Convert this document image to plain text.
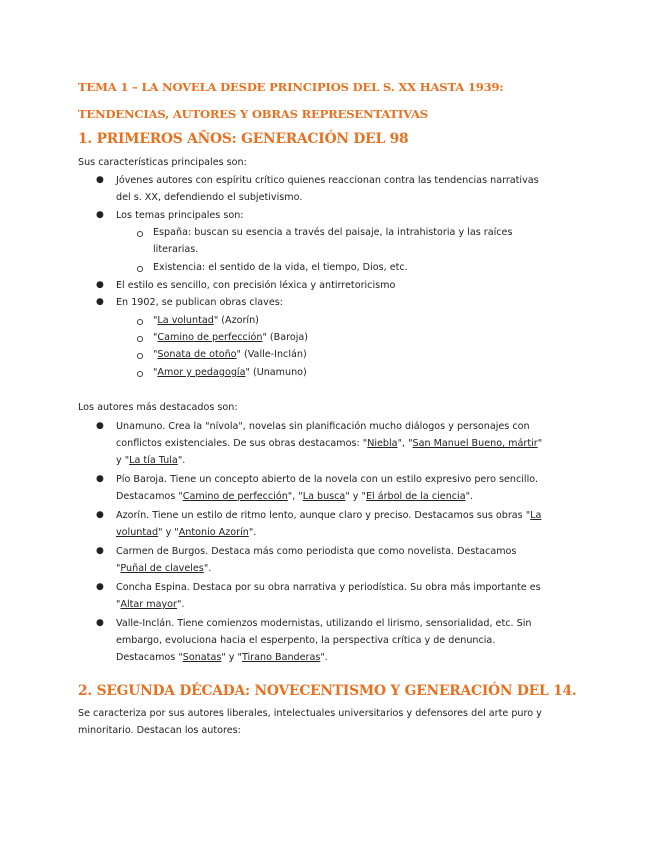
TEMA 1 – LA NOVELA DESDE PRINCIPIOS DEL S. XX HASTA 1939:
TENDENCIAS, AUTORES Y OBRAS REPRESENTATIVAS
1. PRIMEROS AÑOS: GENERACIÓN DEL 98
Sus características principales son:
● Jóvenes autores con espíritu crítico quienes reaccionan contra las tendencias narrativas
del s. XX, defendiendo el subjetivismo.
● Los temas principales son:
España: buscan su esencia a través del paisaje, la intrahistoria y las raíces
literarias.
Existencia: el sentido de la vida, el tiempo, Dios, etc.
● El estilo es sencillo, con precisión léxica y antirretoricismo
● En 1902, se publican obras claves:
"La voluntad" (Azorín)
"Camino de perfección" (Baroja)
"Sonata de otoño" (Valle-Inclán)
"Amor y pedagogía" (Unamuno)
Los autores más destacados son:
● Unamuno. Crea la "nívola", novelas sin planificación mucho diálogos y personajes con
conflictos existenciales. De sus obras destacamos: "Niebla", "San Manuel Bueno, mártir"
y "La tía Tula".
● Pío Baroja. Tiene un concepto abierto de la novela con un estilo expresivo pero sencillo.
Destacamos "Camino de perfección", "La busca" y "El árbol de la ciencia".
● Azorín. Tiene un estilo de ritmo lento, aunque claro y preciso. Destacamos sus obras "La
voluntad" y "Antonio Azorín".
● Carmen de Burgos. Destaca más como periodista que como novelista. Destacamos
"Puñal de claveles".
● Concha Espina. Destaca por su obra narrativa y periodística. Su obra más importante es
"Altar mayor".
● Valle-Inclán. Tiene comienzos modernistas, utilizando el lirismo, sensorialidad, etc. Sin
embargo, evoluciona hacia el esperpento, la perspectiva crítica y de denuncia.
Destacamos "Sonatas" y "Tirano Banderas".
2. SEGUNDA DÉCADA: NOVECENTISMO Y GENERACIÓN DEL 14.
Se caracteriza por sus autores liberales, intelectuales universitarios y defensores del arte puro y
minoritario. Destacan los autores:
